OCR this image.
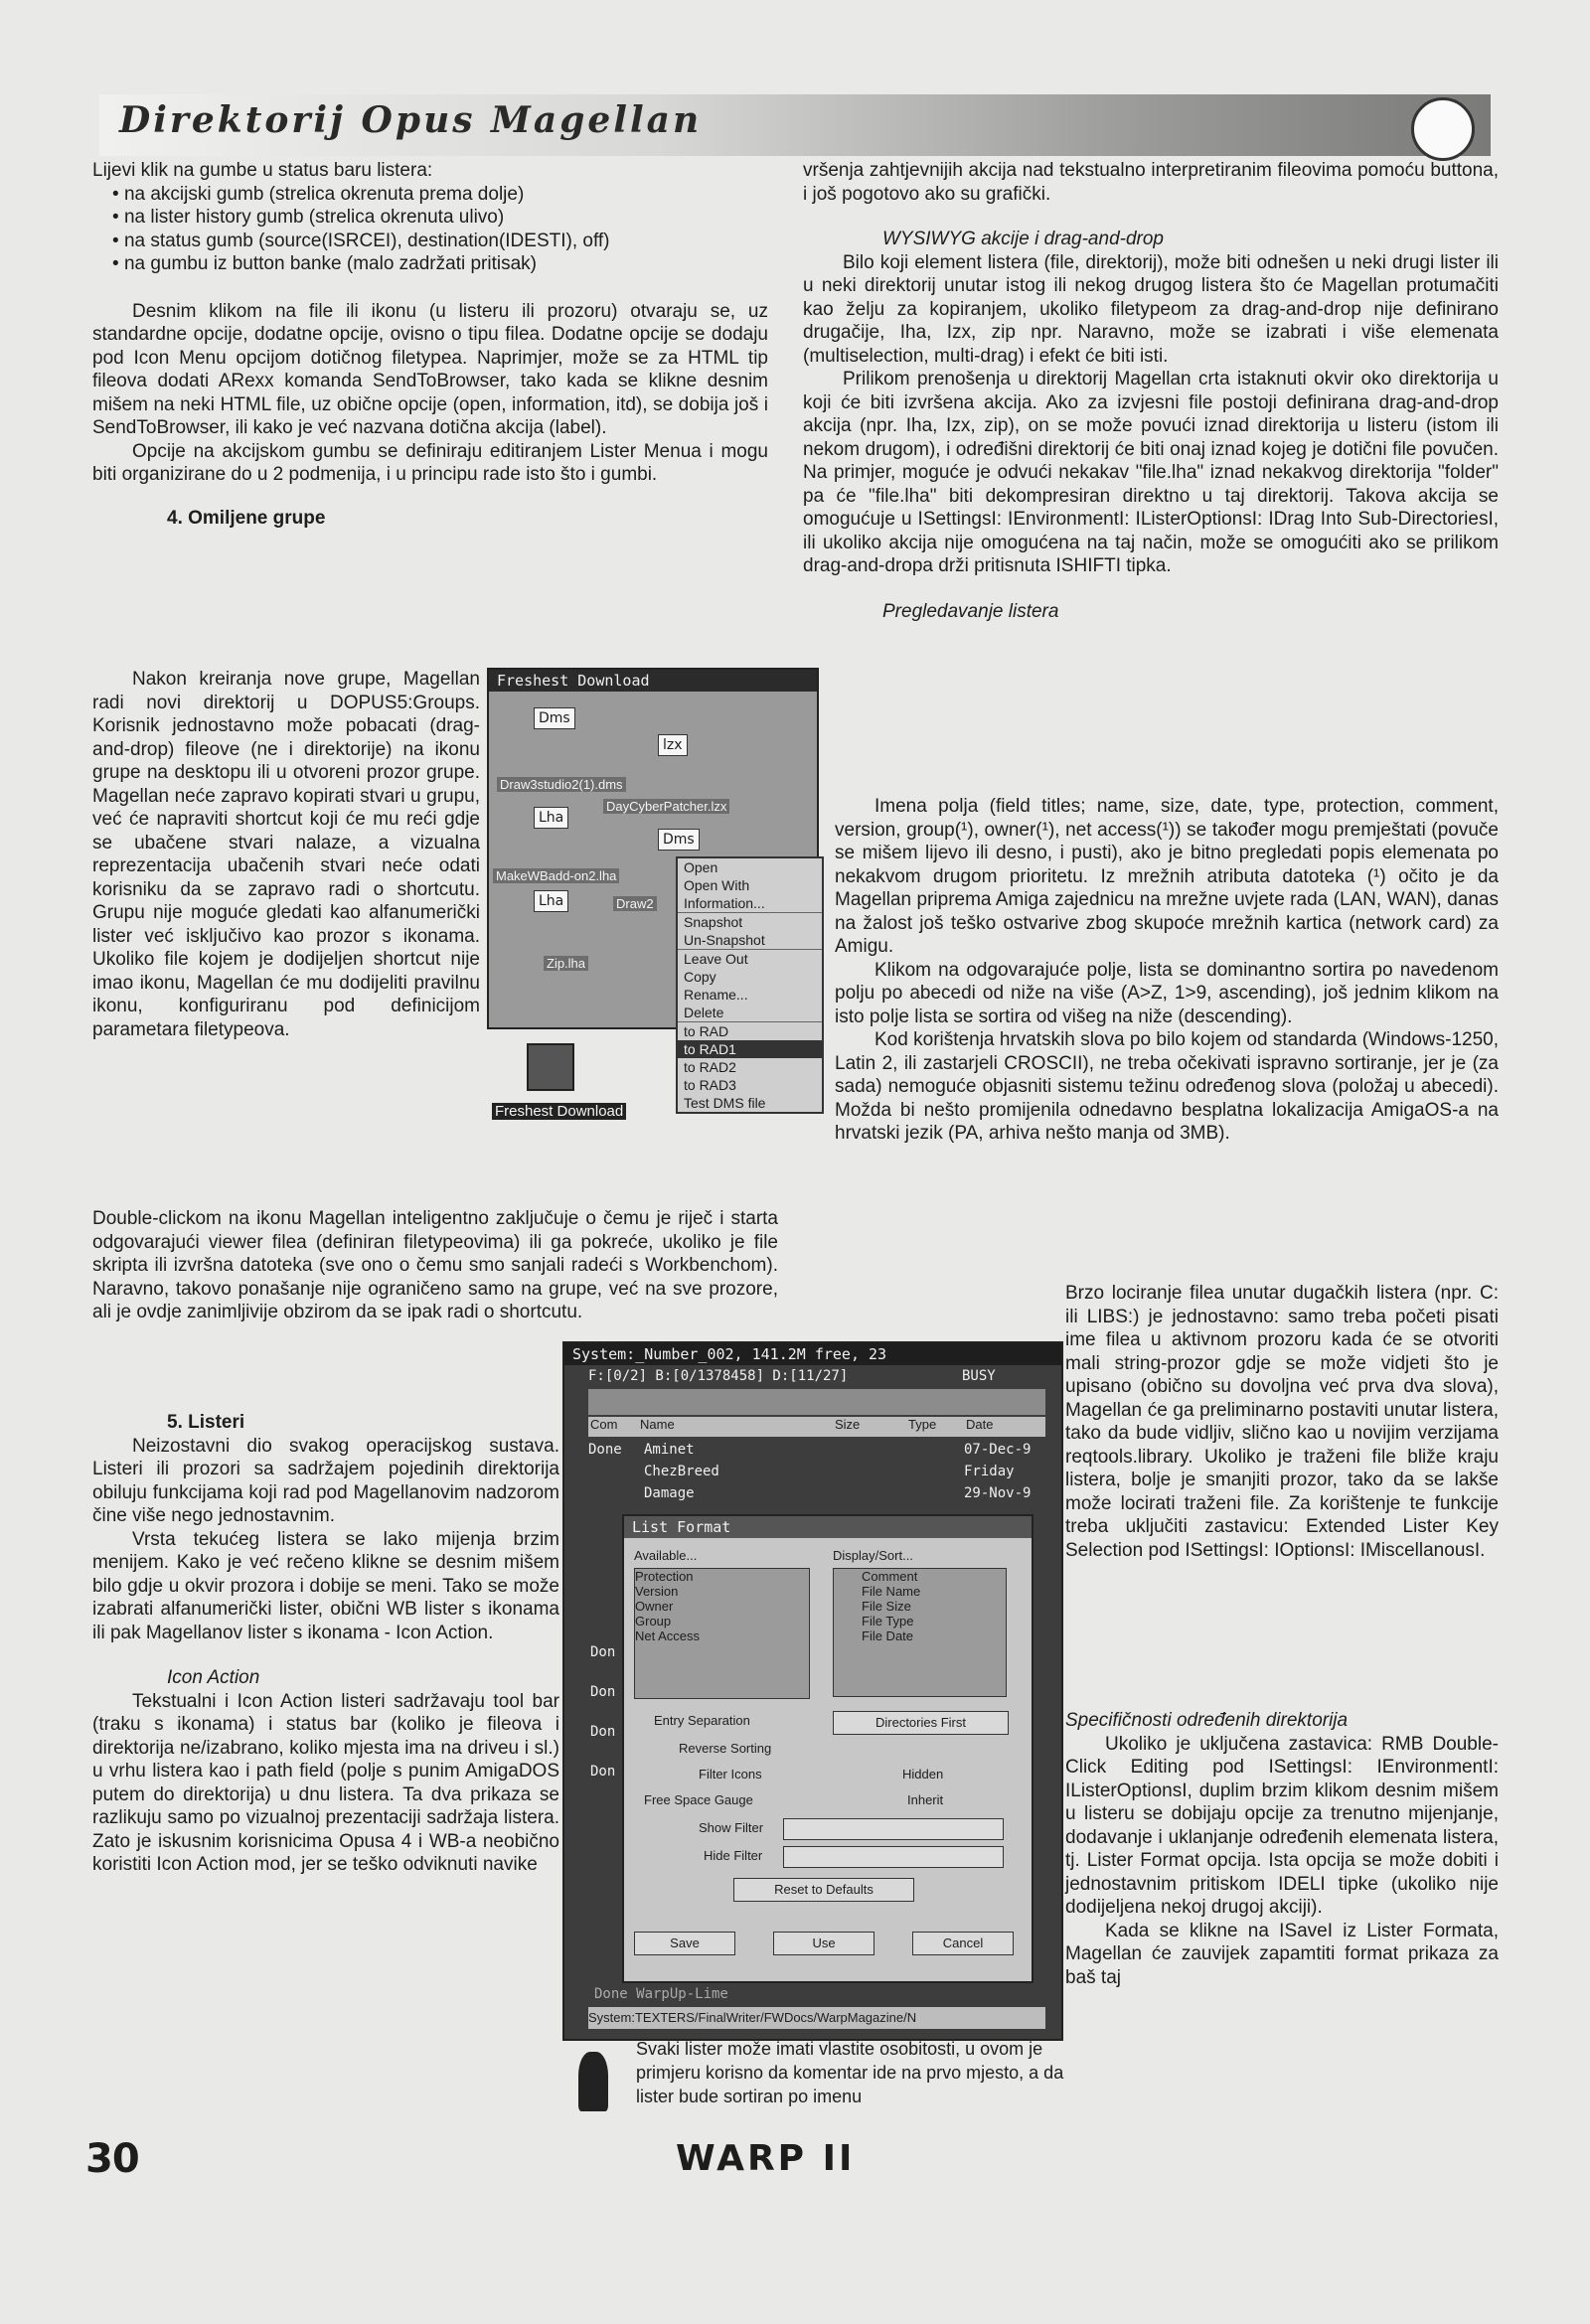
Direktorij Opus Magellan

Lijevi klik na gumbe u status baru listera:

• na akcijski gumb (strelica okrenuta prema dolje)

• na lister history gumb (strelica okrenuta ulivo)

• na status gumb (source(ISRCEI), destination(IDESTI), off)

• na gumbu iz button banke (malo zadržati pritisak)

Desnim klikom na file ili ikonu (u listeru ili prozoru) otvaraju se, uz standardne opcije, dodatne opcije, ovisno o tipu filea. Dodatne opcije se dodaju pod Icon Menu opcijom dotičnog filetypea. Naprimjer, može se za HTML tip fileova dodati ARexx komanda SendToBrowser, tako kada se klikne desnim mišem na neki HTML file, uz običnе opcije (open, information, itd), se dobija još i SendToBrowser, ili kako je već nazvana dotična akcija (label).

Opcije na akcijskom gumbu se definiraju editiranjem Lister Menua i mogu biti organizirane do u 2 podmenija, i u principu rade isto što i gumbi.

4. Omiljene grupe

Nakon kreiranja nove grupe, Magellan radi novi direktorij u DOPUS5:Groups. Korisnik jednostavno može pobacati (drag-and-drop) fileove (ne i direktorije) na ikonu grupe na desktopu ili u otvoreni prozor grupe. Magellan neće zapravo kopirati stvari u grupu, već će napraviti shortcut koji će mu reći gdje se ubačene stvari nalaze, a vizualna reprezentacija ubačenih stvari neće odati korisniku da se zapravo radi o shortcutu. Grupu nije moguće gledati kao alfanumerički lister već isključivo kao prozor s ikonama. Ukoliko file kojem je dodijeljen shortcut nije imao ikonu, Magellan će mu dodijeliti pravilnu ikonu, konfiguriranu pod definicijom parametara filetypeova.

Double-clickom na ikonu Magellan inteligentno zaključuje o čemu je riječ i starta odgovarajući viewer filea (definiran filetypeovima) ili ga pokreće, ukoliko je file skripta ili izvršna datoteka (sve ono o čemu smo sanjali radeći s Workbenchom). Naravno, takovo ponašanje nije ograničeno samo na grupe, već na sve prozore, ali je ovdje zanimljivije obzirom da se ipak radi o shortcutu.

5. Listeri

Neizostavni dio svakog operacijskog sustava. Listeri ili prozori sa sadržajem pojedinih direktorija obiluju funkcijama koji rad pod Magellanovim nadzorom čine više nego jednostavnim.

Vrsta tekućeg listera se lako mijenja brzim menijem. Kako je već rečeno klikne se desnim mišem bilo gdje u okvir prozora i dobije se meni. Tako se može izabrati alfanumerički lister, obični WB lister s ikonama ili pak Magellanov lister s ikonama - Icon Action.

Icon Action

Tekstualni i Icon Action listeri sadržavaju tool bar (traku s ikonama) i status bar (koliko je fileova i direktorija ne/izabrano, koliko mjesta ima na driveu i sl.) u vrhu listera kao i path field (polje s punim AmigaDOS putem do direktorija) u dnu listera. Ta dva prikaza se razlikuju samo po vizualnoj prezentaciji sadržaja listera. Zato je iskusnim korisnicima Opusa 4 i WB-a neobično koristiti Icon Action mod, jer se teško odviknuti navike

Freshest Download
Dms
lzx
Draw3studio2(1).dms
Lha
DayCyberPatcher.lzx
Dms
MakeWBadd-on2.lha
Lha	Draw2
Zip.lha
Freshest Download
Open
Open With
Information...
Snapshot
Un-Snapshot
Leave Out
Copy
Rename...
Delete
to RAD
to RAD1
to RAD2
to RAD3
Test DMS file

vršenja zahtjevnijih akcija nad tekstualno interpretiranim fileovima pomoću buttona, i još pogotovo ako su grafički.

WYSIWYG akcije i drag-and-drop

Bilo koji element listera (file, direktorij), može biti odnešen u neki drugi lister ili u neki direktorij unutar istog ili nekog drugog listera što će Magellan protumačiti kao želju za kopiranjem, ukoliko filetypeom za drag-and-drop nije definirano drugačije, Iha, Izx, zip npr. Naravno, može se izabrati i više elemenata (multiselection, multi-drag) i efekt će biti isti.

Prilikom prenošenja u direktorij Magellan crta istaknuti okvir oko direktorija u koji će biti izvršena akcija. Ako za izvjesni file postoji definirana drag-and-drop akcija (npr. Iha, Izx, zip), on se može povući iznad direktorija u listeru (istom ili nekom drugom), i određišni direktorij će biti onaj iznad kojeg je dotični file povučen. Na primjer, moguće je odvući nekakav "file.lha" iznad nekakvog direktorija "folder" pa će "file.lha" biti dekompresiran direktno u taj direktorij. Takova akcija se omogućuje u ISettingsI: IEnvironmentI: IListerOptionsI: IDrag Into Sub-DirectoriesI, ili ukoliko akcija nije omogućena na taj način, može se omogućiti ako se prilikom drag-and-dropa drži pritisnuta ISHIFTI tipka.

Pregledavanje listera

Imena polja (field titles; name, size, date, type, protection, comment, version, group(¹), owner(¹), net access(¹)) se također mogu premještati (povuče se mišem lijevo ili desno, i pusti), ako je bitno pregledati popis elemenata po nekakvom drugom prioritetu. Iz mrežnih atributa datoteka (¹) očito je da Magellan priprema Amiga zajednicu na mrežne uvjete rada (LAN, WAN), danas na žalost još teško ostvarive zbog skupoće mrežnih kartica (network card) za Amigu.

Klikom na odgovarajuće polje, lista se dominantno sortira po navedenom polju po abecedi od niže na više (A>Z, 1>9, ascending), još jednim klikom na isto polje lista se sortira od višeg na niže (descending).

Kod korištenja hrvatskih slova po bilo kojem od standarda (Windows-1250, Latin 2, ili zastarjeli CROSCII), ne treba očekivati ispravno sortiranje, jer je (za sada) nemoguće objasniti sistemu težinu određenog slova (položaj u abecedi). Možda bi nešto promijenila odnedavno besplatna lokalizacija AmigaOS-a na hrvatski jezik (PA, arhiva nešto manja od 3MB).

Brzo lociranje filea unutar dugačkih listera (npr. C: ili LIBS:) je jednostavno: samo treba početi pisati ime filea u aktivnom prozoru kada će se otvoriti mali string-prozor gdje se može vidjeti što je upisano (obično su dovoljna već prva dva slova), Magellan će ga preliminarno postaviti unutar listera, tako da bude vidljiv, slično kao u novijim verzijama reqtools.library. Ukoliko je traženi file bliže kraju listera, bolje je smanjiti prozor, tako da se lakše može locirati traženi file. Za korištenje te funkcije treba uključiti zastavicu: Extended Lister Key Selection pod ISettingsI: IOptionsI: IMiscellanousI.

Specifičnosti određenih direktorija

Ukoliko je uključena zastavica: RMB Double-Click Editing pod ISettingsI: IEnvironmentI: IListerOptionsI, duplim brzim klikom desnim mišem u listeru se dobijaju opcije za trenutno mijenjanje, dodavanje i uklanjanje određenih elemenata listera, tj. Lister Format opcija. Ista opcija se može dobiti i jednostavnim pritiskom IDELI tipke (ukoliko nije dodijeljena nekoj drugoj akciji).

Kada se klikne na ISaveI iz Lister Formata, Magellan će zauvijek zapamtiti format prikaza za baš taj

System:_Number_002, 141.2M free, 23
F:[0/2] B:[0/1378458] D:[11/27]	BUSY
Com Name	Size	Type Date
Done Aminet	07-Dec-9
ChezBreed	Friday
Damage	29-Nov-9
Don
Don
Don
Don
Done WarpUp-Lime
System:TEXTERS/FinalWriter/FWDocs/WarpMagazine/N
List Format
Available...	Display/Sort...
Protection
Version
Owner
Group
Net Access
Comment
File Name
File Size
File Type
File Date
Entry Separation	Directories First
Reverse Sorting
Filter Icons	Hidden
Free Space Gauge	Inherit
Show Filter
Hide Filter
Reset to Defaults
Save	Use	Cancel
Svaki lister može imati vlastite osobitosti, u ovom je primjeru korisno da komentar ide na prvo mjesto, a da lister bude sortiran po imenu
30	WARP II
